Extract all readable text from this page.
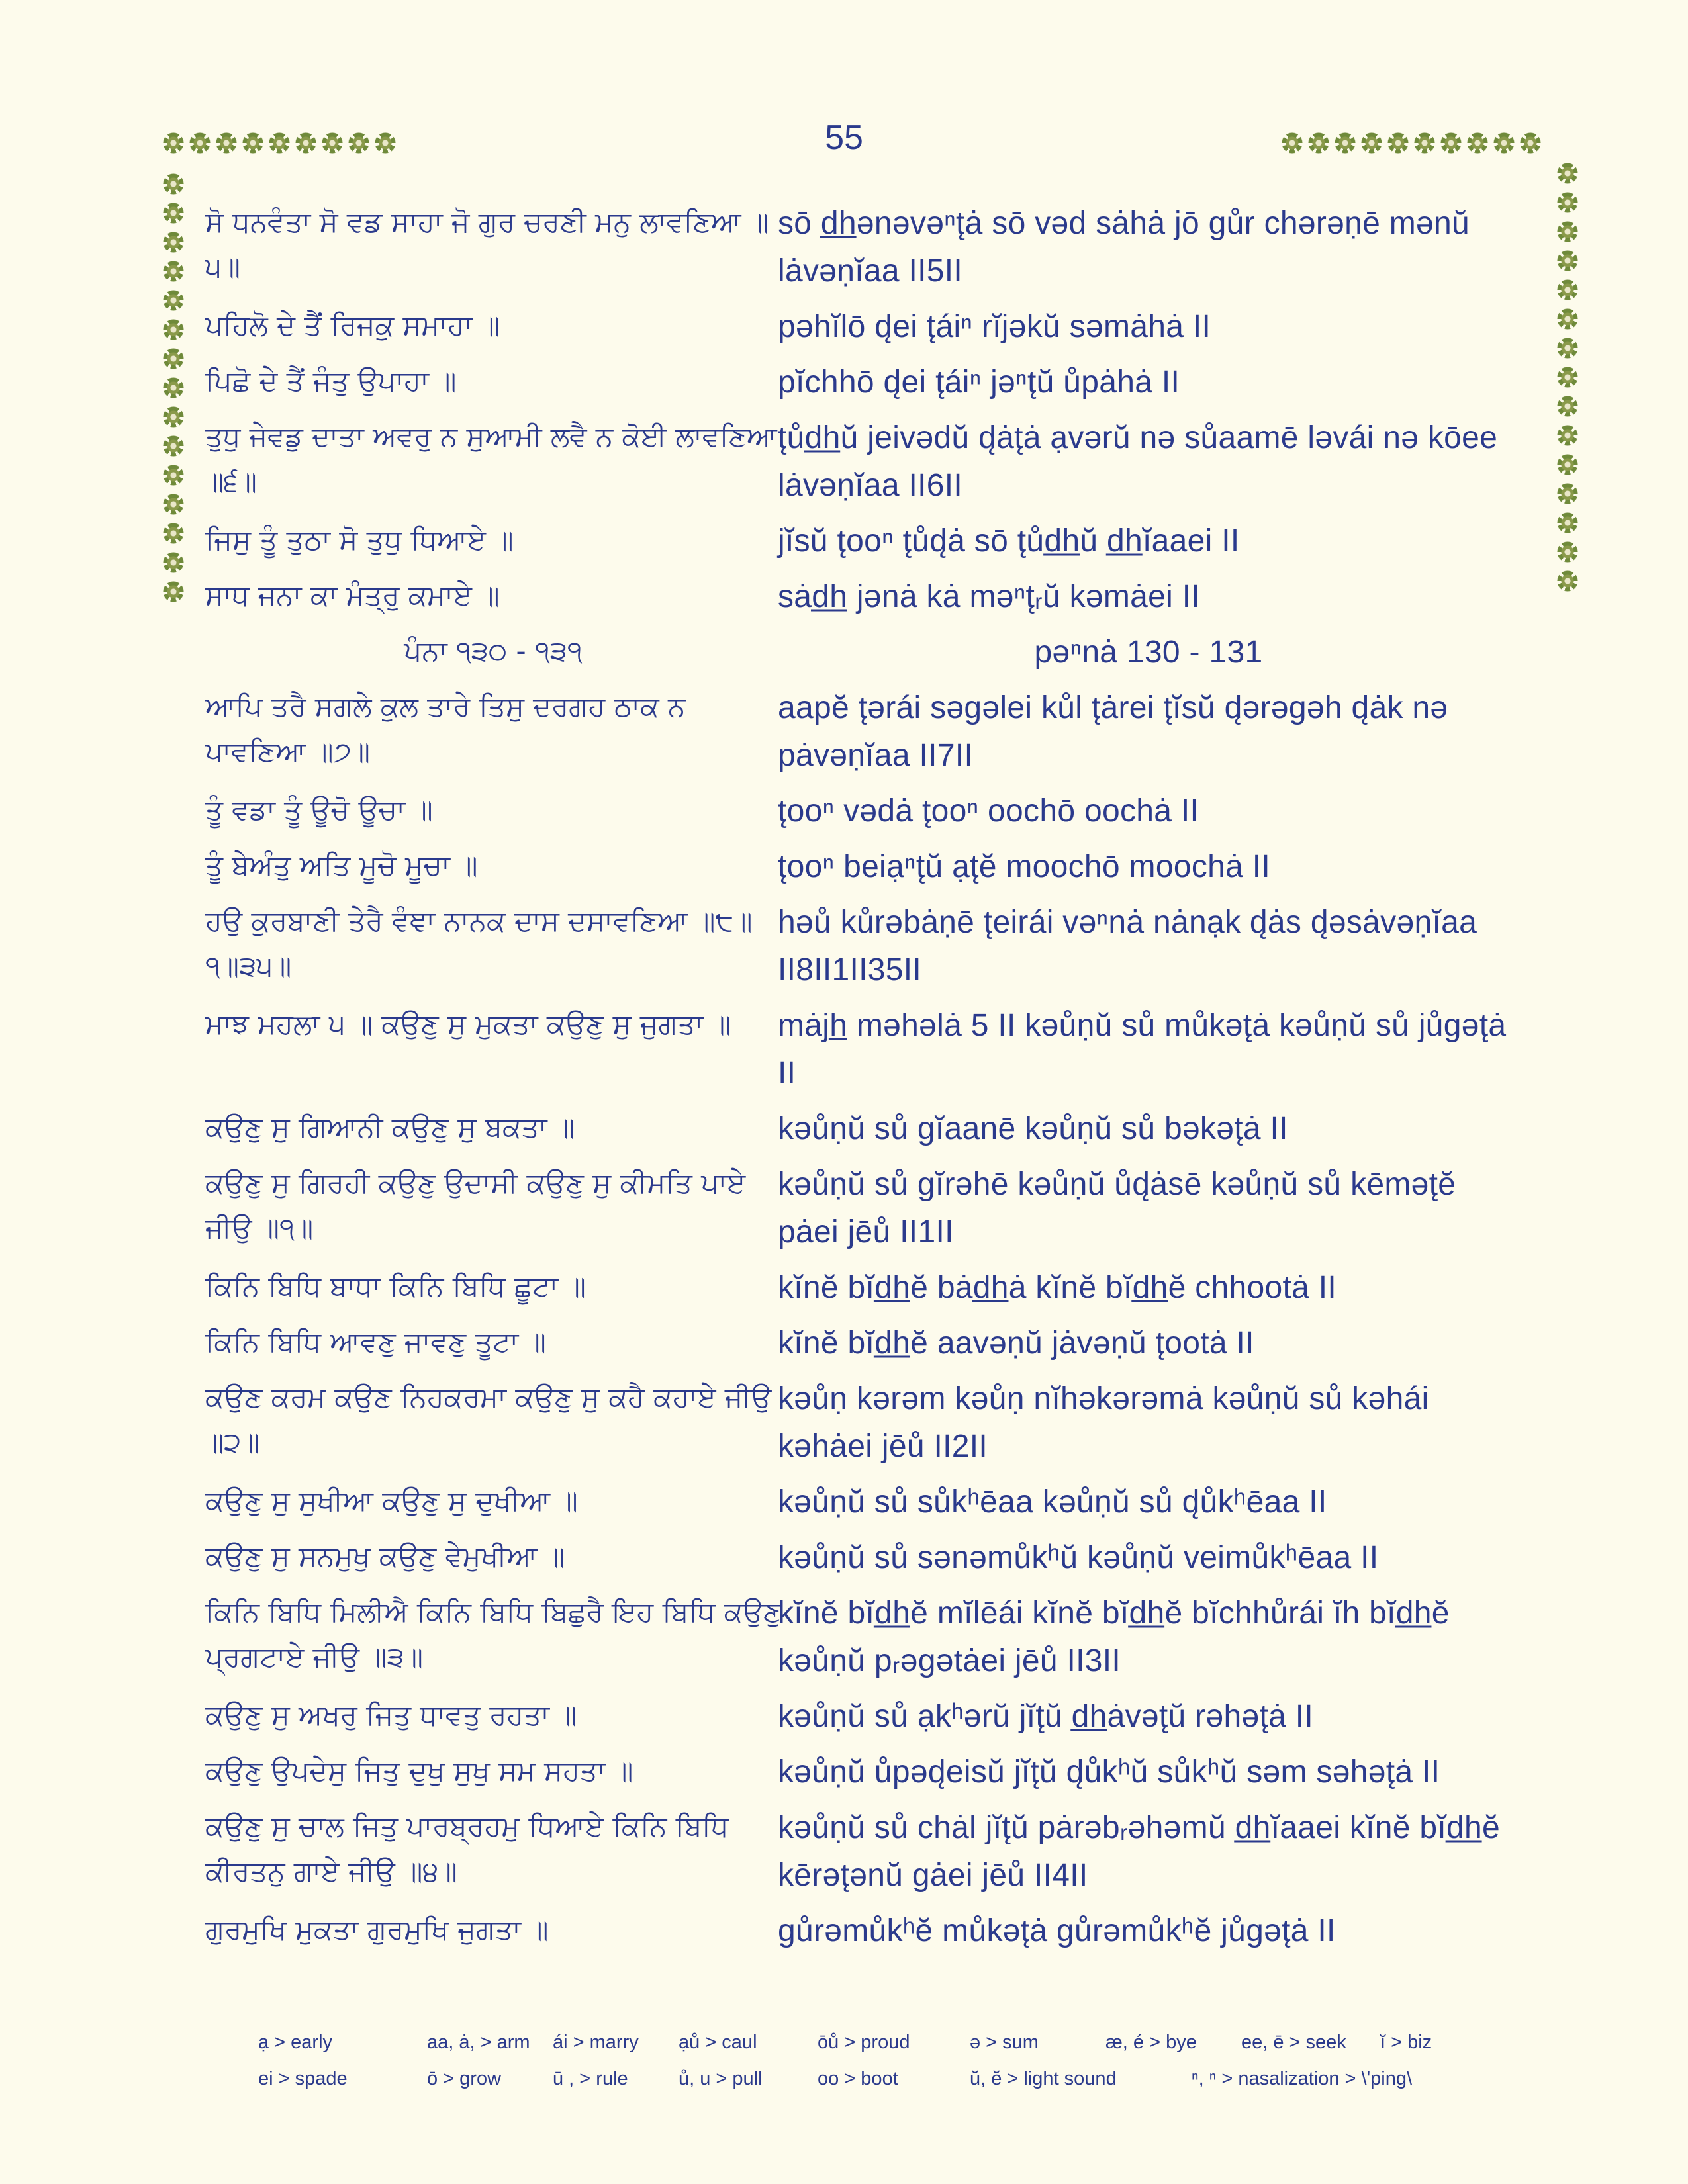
55
ਸੋ ਧਨਵੰਤਾ ਸੋ ਵਡ ਸਾਹਾ ਜੋ ਗੁਰ ਚਰਣੀ ਮਨੁ ਲਾਵਣਿਆ ॥੫॥
sō d̲h̲ənəvəⁿt̨ȧ sō vəd sȧhȧ jō gůr chərəṇē mənŭ lȧvəṇĭaa II5II
ਪਹਿਲੋ ਦੇ ਤੈਂ ਰਿਜਕੁ ਸਮਾਹਾ ॥	pəhĭlō d̨ei t̨áiⁿ rĭjəkŭ səmȧhȧ II
ਪਿਛੋ ਦੇ ਤੈਂ ਜੰਤੁ ਉਪਾਹਾ ॥	pĭchhō d̨ei t̨áiⁿ jəⁿt̨ŭ ůpȧhȧ II
ਤੁਧੁ ਜੇਵਡੁ ਦਾਤਾ ਅਵਰੁ ਨ ਸੁਆਮੀ ਲਵੈ ਨ ਕੋਈ ਲਾਵਣਿਆ ॥੬॥
t̨ůd̲h̲ŭ jeivədŭ d̨ȧt̨ȧ ạvərŭ nə sůaamē ləvái nə kōee lȧvəṇĭaa II6II
ਜਿਸੁ ਤੂੰ ਤੁਠਾ ਸੋ ਤੁਧੁ ਧਿਆਏ ॥	jĭsŭ t̨ooⁿ t̨ůd̨ȧ sō t̨ůd̲h̲ŭ d̲h̲ĭaaei II
ਸਾਧ ਜਨਾ ਕਾ ਮੰਤ੍ਰੁ ਕਮਾਏ ॥	sȧd̲h̲ jənȧ kȧ məⁿt̨ᵣŭ kəmȧei II
ਪੰਨਾ ੧੩੦ - ੧੩੧	pəⁿnȧ 130 - 131
ਆਪਿ ਤਰੈ ਸਗਲੇ ਕੁਲ ਤਾਰੇ ਤਿਸੁ ਦਰਗਹ ਠਾਕ ਨ ਪਾਵਣਿਆ ॥੭॥
aapĕ t̨ərái səgəlei kůl t̨ȧrei t̨ĭsŭ d̨ərəgəh d̨ȧk nə pȧvəṇĭaa II7II
ਤੂੰ ਵਡਾ ਤੂੰ ਊਚੋ ਊਚਾ ॥	t̨ooⁿ vədȧ t̨ooⁿ oochō oochȧ II
ਤੂੰ ਬੇਅੰਤੁ ਅਤਿ ਮੂਚੋ ਮੂਚਾ ॥	t̨ooⁿ beiạⁿt̨ŭ ạt̨ĕ moochō moochȧ II
ਹਉ ਕੁਰਬਾਣੀ ਤੇਰੈ ਵੰਞਾ ਨਾਨਕ ਦਾਸ ਦਸਾਵਣਿਆ ॥੮॥੧॥੩੫॥
həů kůrəbȧṇē t̨eirái vəⁿnȧ nȧnạk d̨ȧs d̨əsȧvəṇĭaa II8II1II35II
ਮਾਝ ਮਹਲਾ ੫ ॥ ਕਉਣੁ ਸੁ ਮੁਕਤਾ ਕਉਣੁ ਸੁ ਜੁਗਤਾ ॥	mȧjh̲ məhəlȧ 5 II kəůṇŭ sů můkət̨ȧ kəůṇŭ sů jůgət̨ȧ II
ਕਉਣੁ ਸੁ ਗਿਆਨੀ ਕਉਣੁ ਸੁ ਬਕਤਾ ॥	kəůṇŭ sů gĭaanē kəůṇŭ sů bəkət̨ȧ II
ਕਉਣੁ ਸੁ ਗਿਰਹੀ ਕਉਣੁ ਉਦਾਸੀ ਕਉਣੁ ਸੁ ਕੀਮਤਿ ਪਾਏ ਜੀਉ ॥੧॥
kəůṇŭ sů gĭrəhē kəůṇŭ ůd̨ȧsē kəůṇŭ sů kēmət̨ĕ pȧei jēů II1II
ਕਿਨਿ ਬਿਧਿ ਬਾਧਾ ਕਿਨਿ ਬਿਧਿ ਛੂਟਾ ॥	kĭnĕ bĭd̲h̲ĕ bȧd̲h̲ȧ kĭnĕ bĭd̲h̲ĕ chhootȧ II
ਕਿਨਿ ਬਿਧਿ ਆਵਣੁ ਜਾਵਣੁ ਤੂਟਾ ॥	kĭnĕ bĭd̲h̲ĕ aavəṇŭ jȧvəṇŭ t̨ootȧ II
ਕਉਣ ਕਰਮ ਕਉਣ ਨਿਹਕਰਮਾ ਕਉਣੁ ਸੁ ਕਹੈ ਕਹਾਏ ਜੀਉ ॥੨॥
kəůṇ kərəm kəůṇ nĭhəkərəmȧ kəůṇŭ sů kəhái kəhȧei jēů II2II
ਕਉਣੁ ਸੁ ਸੁਖੀਆ ਕਉਣੁ ਸੁ ਦੁਖੀਆ ॥	kəůṇŭ sů sůkʰēaa kəůṇŭ sů d̨ůkʰēaa II
ਕਉਣੁ ਸੁ ਸਨਮੁਖੁ ਕਉਣੁ ਵੇਮੁਖੀਆ ॥	kəůṇŭ sů sənəmůkʰŭ kəůṇŭ veimůkʰēaa II
ਕਿਨਿ ਬਿਧਿ ਮਿਲੀਐ ਕਿਨਿ ਬਿਧਿ ਬਿਛੁਰੈ ਇਹ ਬਿਧਿ ਕਉਣੁ ਪ੍ਰਗਟਾਏ ਜੀਉ ॥੩॥
kĭnĕ bĭd̲h̲ĕ mĭlēái kĭnĕ bĭd̲h̲ĕ bĭchhůrái ĭh bĭd̲h̲ĕ kəůṇŭ pᵣəgətȧei jēů II3II
ਕਉਣੁ ਸੁ ਅਖਰੁ ਜਿਤੁ ਧਾਵਤੁ ਰਹਤਾ ॥	kəůṇŭ sů ạkʰərŭ jĭt̨ŭ d̲h̲ȧvət̨ŭ rəhət̨ȧ II
ਕਉਣੁ ਉਪਦੇਸੁ ਜਿਤੁ ਦੁਖੁ ਸੁਖੁ ਸਮ ਸਹਤਾ ॥	kəůṇŭ ůpəd̨eisŭ jĭt̨ŭ d̨ůkʰŭ sůkʰŭ səm səhət̨ȧ II
ਕਉਣੁ ਸੁ ਚਾਲ ਜਿਤੁ ਪਾਰਬ੍ਰਹਮੁ ਧਿਆਏ ਕਿਨਿ ਬਿਧਿ ਕੀਰਤਨੁ ਗਾਏ ਜੀਉ ॥੪॥
kəůṇŭ sů chȧl jĭt̨ŭ pȧrəbᵣəhəmŭ d̲h̲ĭaaei kĭnĕ bĭd̲h̲ĕ kērət̨ənŭ gȧei jēů II4II
ਗੁਰਮੁਖਿ ਮੁਕਤਾ ਗੁਰਮੁਖਿ ਜੁਗਤਾ ॥	gůrəmůkʰĕ můkət̨ȧ gůrəmůkʰĕ jůgət̨ȧ II
ạ > early	aa, ȧ, > arm	ái > marry	ạů > caul	ōů > proud	ə > sum	æ, é > bye	ee, ē > seek	ĭ > biz
ei > spade	ō > grow	ū , > rule	ů, u > pull	oo > boot	ŭ, ĕ > light sound	ⁿ, ⁿ > nasalization > \'ping\
